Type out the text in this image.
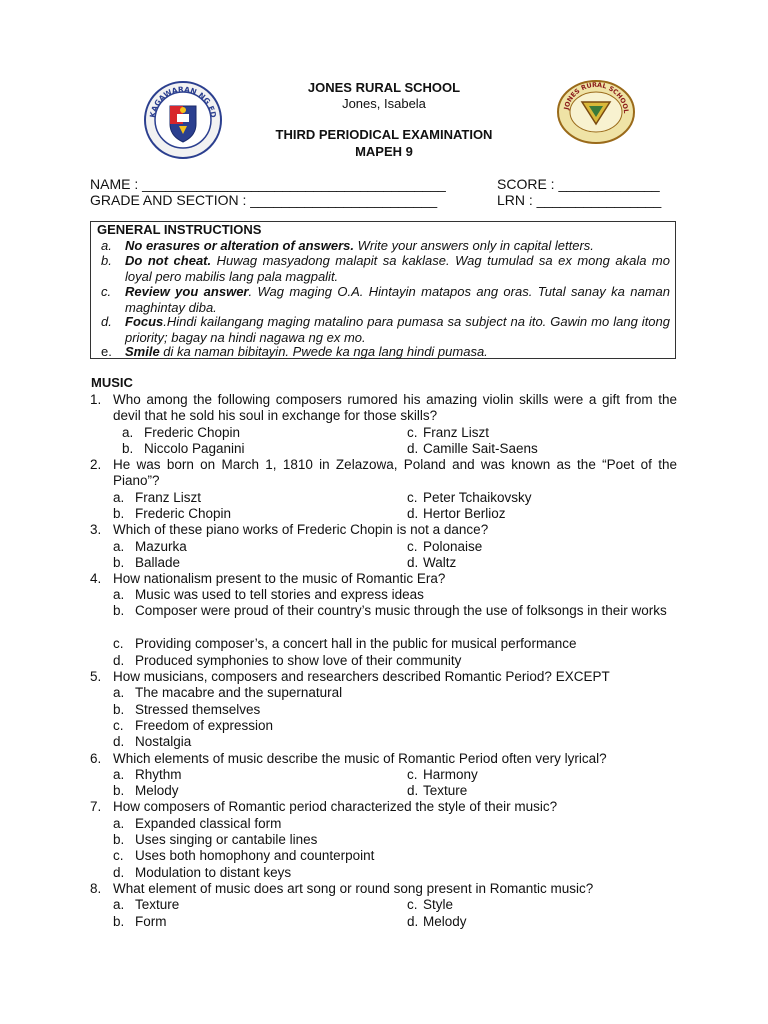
KAGAWARAN NG ED
JONES RURAL SCHOOL
JONES RURAL SCHOOL
Jones, Isabela
THIRD PERIODICAL EXAMINATION
MAPEH 9
NAME : _______________________________________	SCORE : _____________
GRADE AND SECTION : ________________________	LRN : ________________
GENERAL INSTRUCTIONS
a. No erasures or alteration of answers. Write your answers only in capital letters.
b. Do not cheat. Huwag masyadong malapit sa kaklase. Wag tumulad sa ex mong akala mo loyal pero mabilis lang pala magpalit.
c. Review you answer. Wag maging O.A. Hintayin matapos ang oras. Tutal sanay ka naman maghintay diba.
d. Focus.Hindi kailangang maging matalino para pumasa sa subject na ito. Gawin mo lang itong priority; bagay na hindi nagawa ng ex mo.
e. Smile di ka naman bibitayin. Pwede ka nga lang hindi pumasa.
MUSIC
1. Who among the following composers rumored his amazing violin skills were a gift from the devil that he sold his soul in exchange for those skills?
a. Frederic Chopin	c. Franz Liszt
b. Niccolo Paganini	d. Camille Sait-Saens
2. He was born on March 1, 1810 in Zelazowa, Poland and was known as the “Poet of the Piano”?
a. Franz Liszt	c. Peter Tchaikovsky
b. Frederic Chopin	d. Hertor Berlioz
3. Which of these piano works of Frederic Chopin is not a dance?
a. Mazurka	c. Polonaise
b. Ballade	d. Waltz
4. How nationalism present to the music of Romantic Era?
a. Music was used to tell stories and express ideas
b. Composer were proud of their country’s music through the use of folksongs in their works
c. Providing composer’s, a concert hall in the public for musical performance
d. Produced symphonies to show love of their community
5. How musicians, composers and researchers described Romantic Period? EXCEPT
a. The macabre and the supernatural
b. Stressed themselves
c. Freedom of expression
d. Nostalgia
6. Which elements of music describe the music of Romantic Period often very lyrical?
a. Rhythm	c. Harmony
b. Melody	d. Texture
7. How composers of Romantic period characterized the style of their music?
a. Expanded classical form
b. Uses singing or cantabile lines
c. Uses both homophony and counterpoint
d. Modulation to distant keys
8. What element of music does art song or round song present in Romantic music?
a. Texture	c. Style
b. Form	d. Melody
